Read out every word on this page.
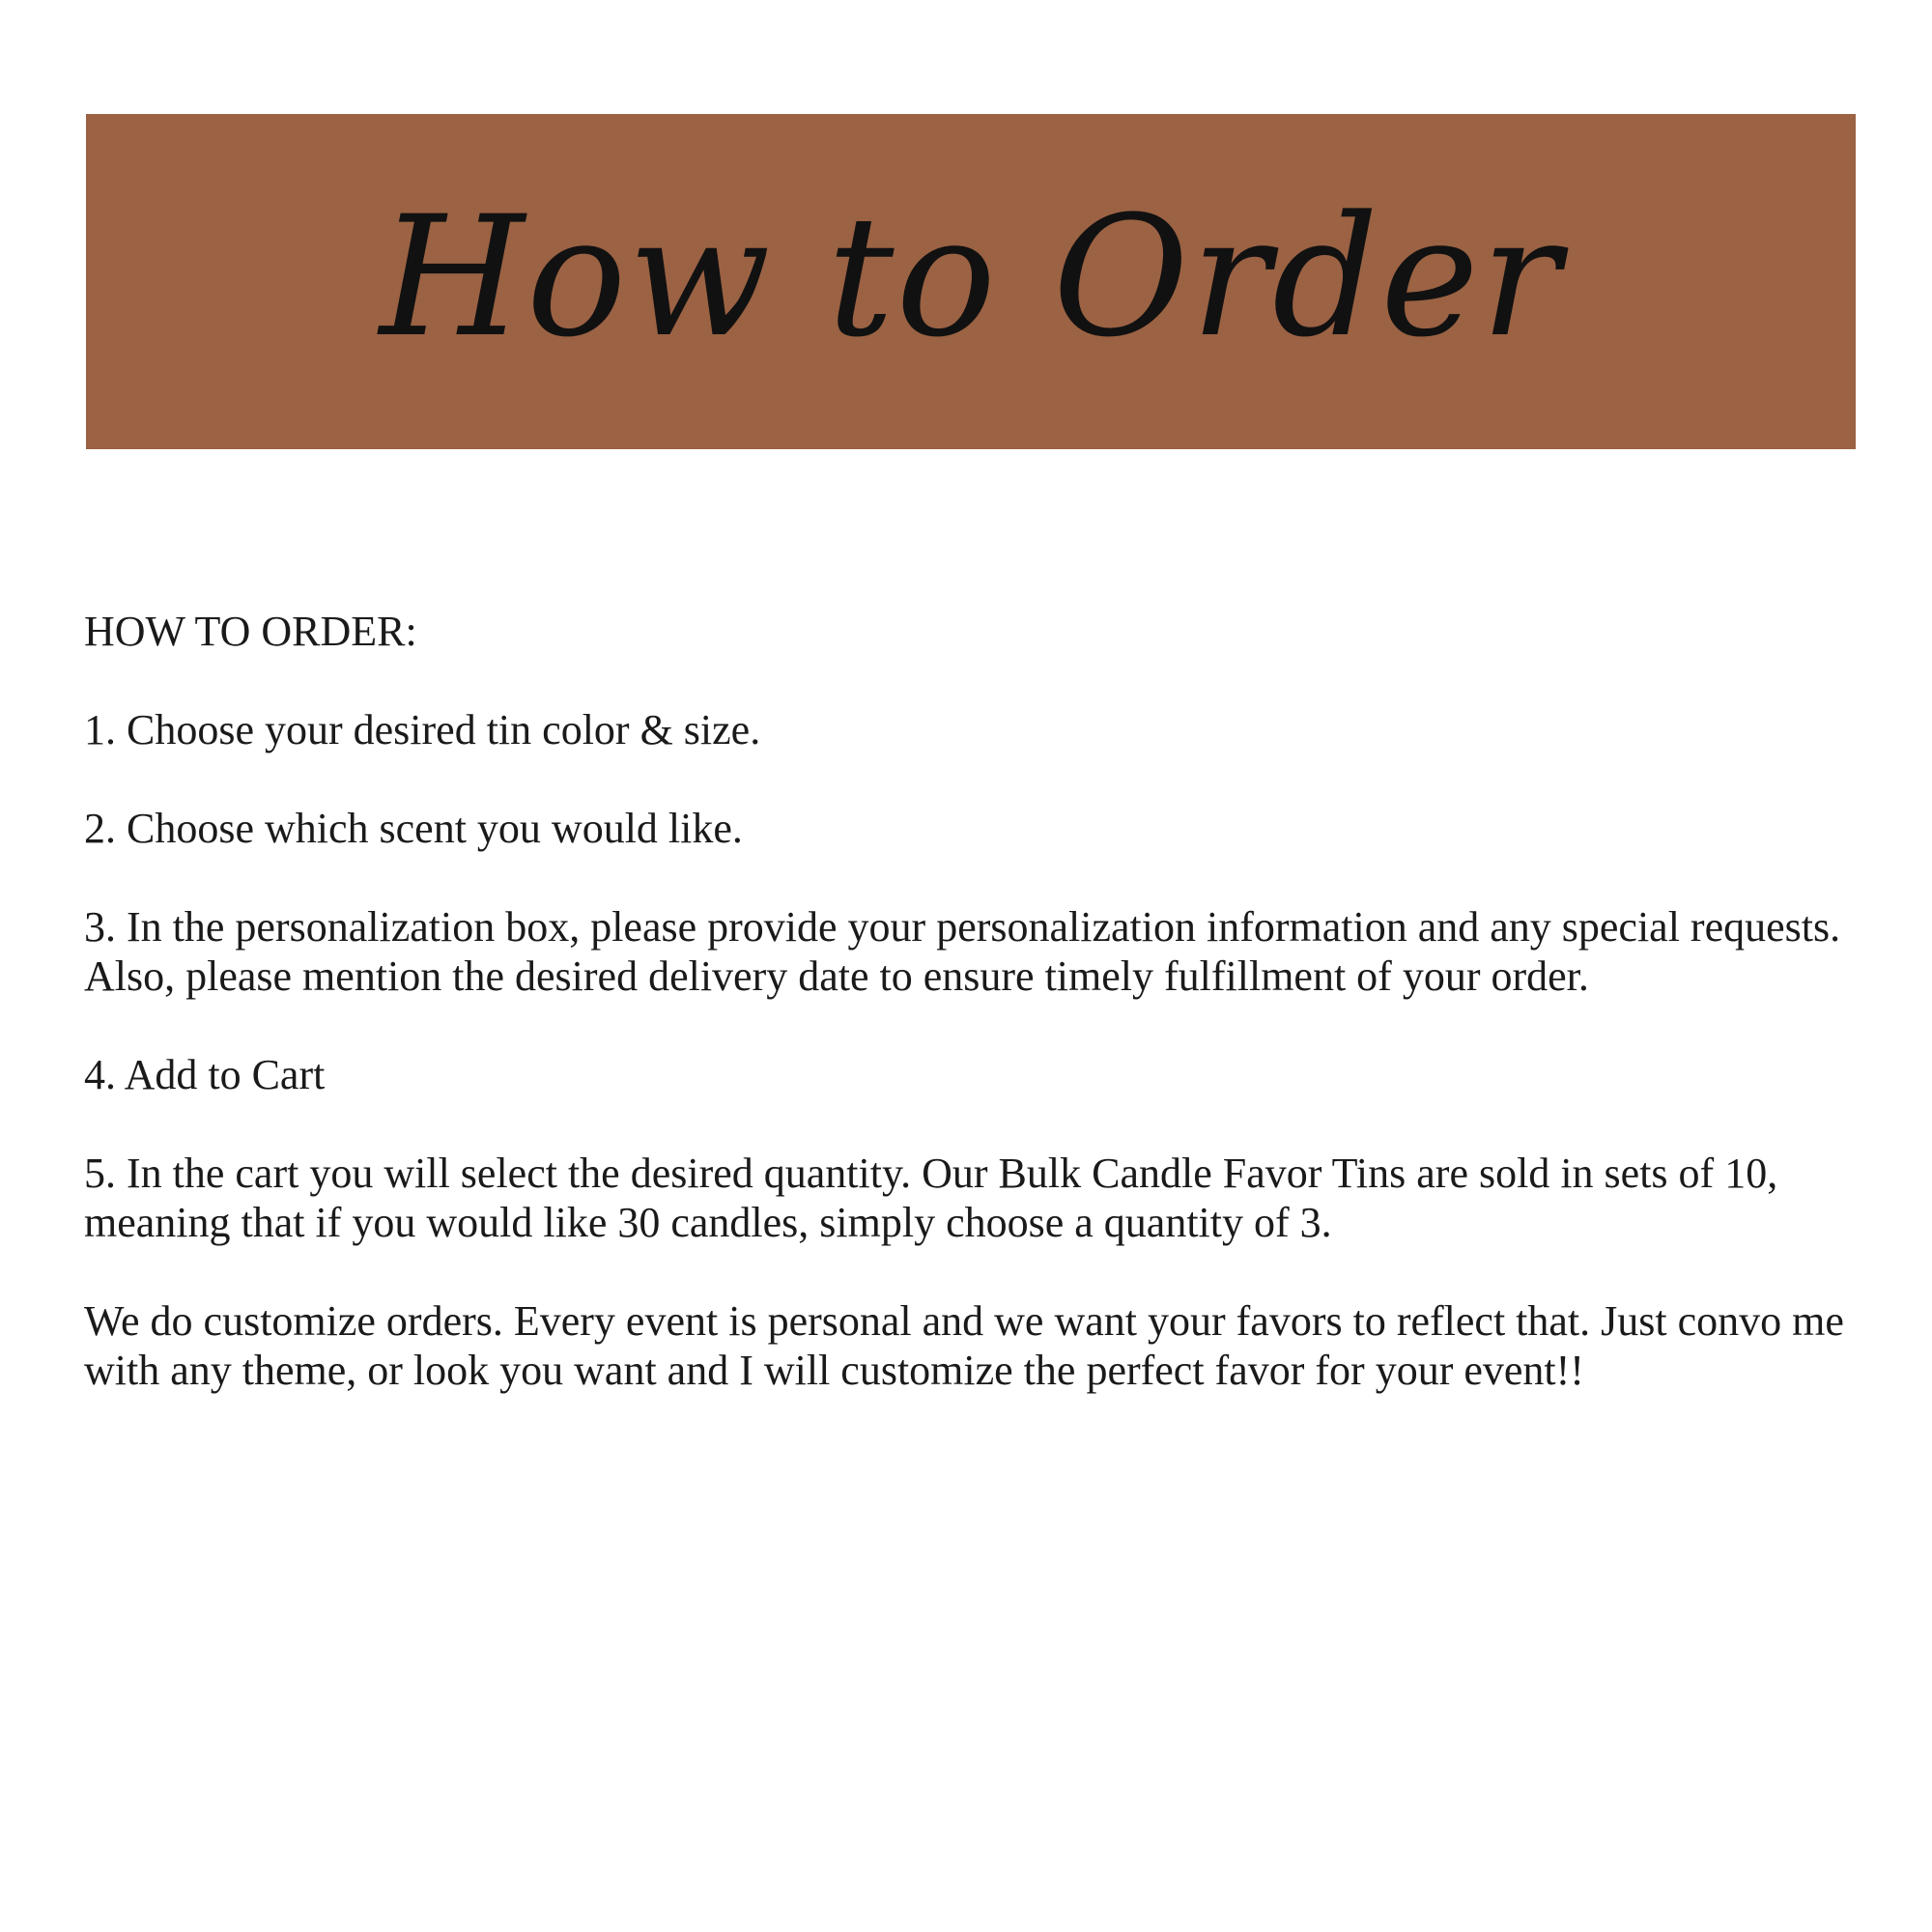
How to Order

HOW TO ORDER:

1. Choose your desired tin color & size.

2. Choose which scent you would like.

3. In the personalization box, please provide your personalization information and any special requests. Also, please mention the desired delivery date to ensure timely fulfillment of your order.

4. Add to Cart

5. In the cart you will select the desired quantity. Our Bulk Candle Favor Tins are sold in sets of 10, meaning that if you would like 30 candles, simply choose a quantity of 3.

We do customize orders. Every event is personal and we want your favors to reflect that. Just convo me with any theme, or look you want and I will customize the perfect favor for your event!!
